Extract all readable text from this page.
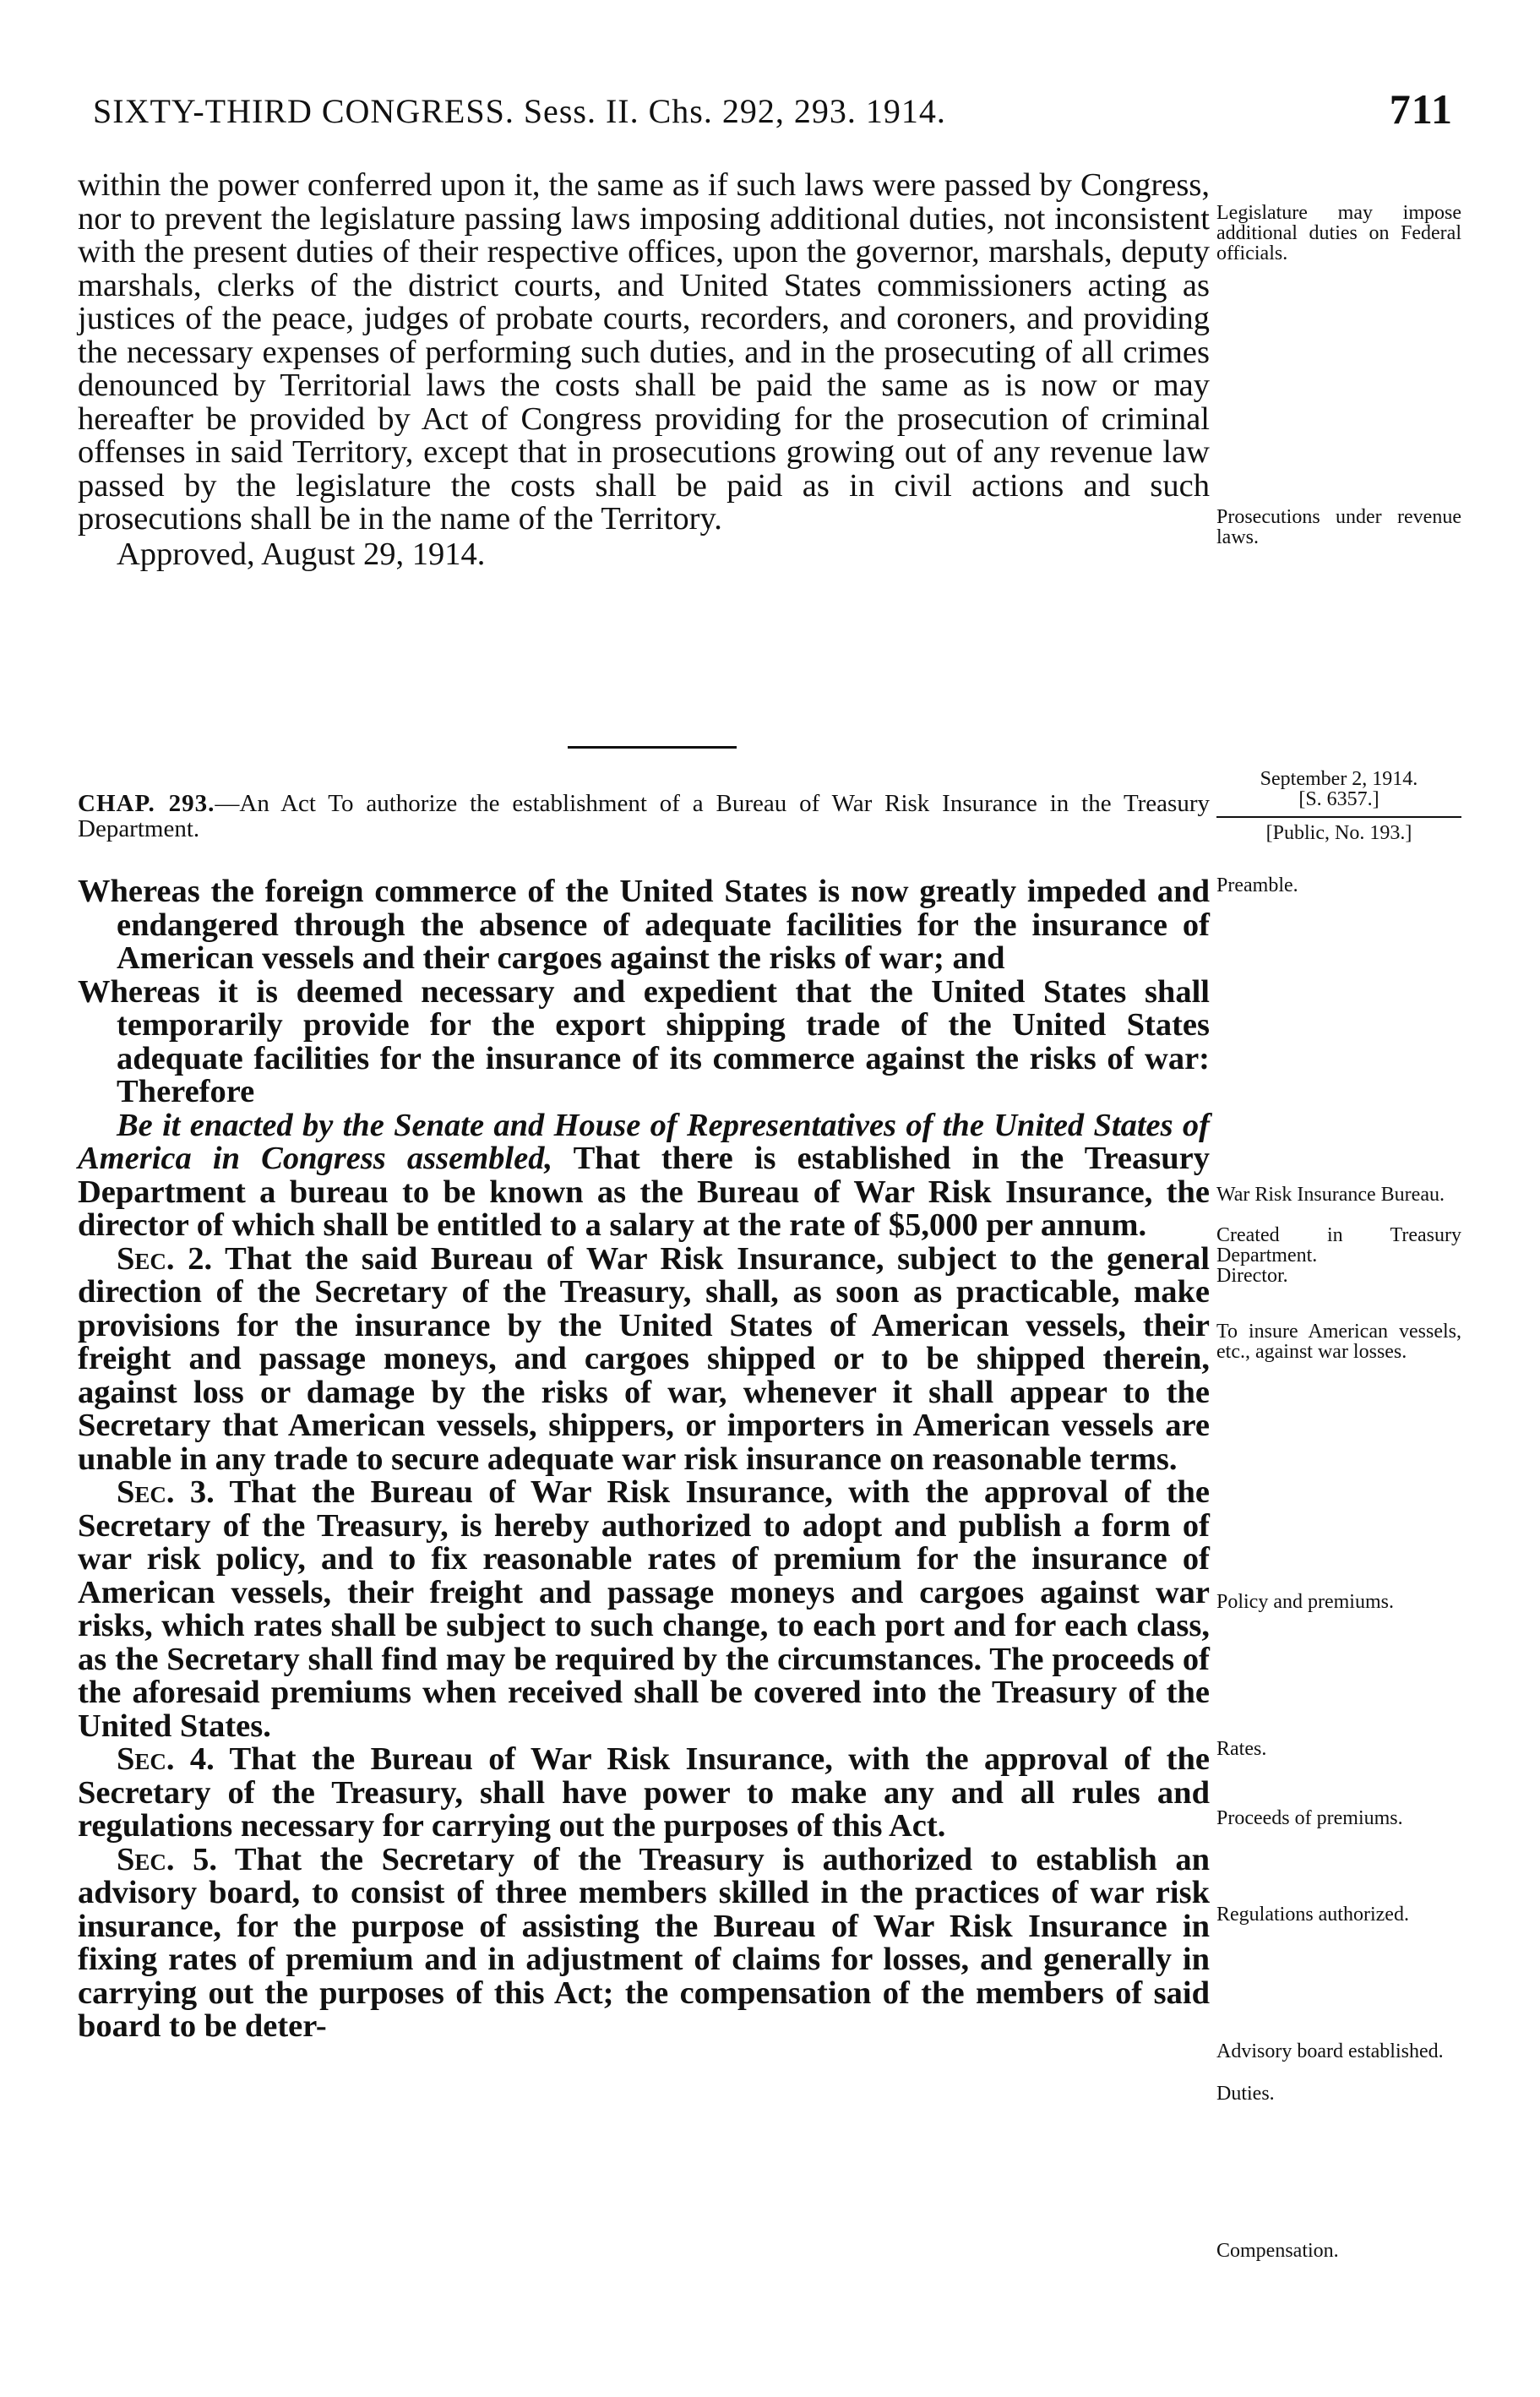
SIXTY-THIRD CONGRESS. Sess. II. Chs. 292, 293. 1914.	711

within the power conferred upon it, the same as if such laws were passed by Congress, nor to prevent the legislature passing laws imposing additional duties, not inconsistent with the present duties of their respective offices, upon the governor, marshals, deputy marshals, clerks of the district courts, and United States commissioners acting as justices of the peace, judges of probate courts, recorders, and coroners, and providing the necessary expenses of performing such duties, and in the prosecuting of all crimes denounced by Territorial laws the costs shall be paid the same as is now or may hereafter be provided by Act of Congress providing for the prosecution of criminal offenses in said Territory, except that in prosecutions growing out of any revenue law passed by the legislature the costs shall be paid as in civil actions and such prosecutions shall be in the name of the Territory.

Approved, August 29, 1914.

CHAP. 293.—An Act To authorize the establishment of a Bureau of War Risk Insurance in the Treasury Department.

Whereas the foreign commerce of the United States is now greatly impeded and endangered through the absence of adequate facilities for the insurance of American vessels and their cargoes against the risks of war; and

Whereas it is deemed necessary and expedient that the United States shall temporarily provide for the export shipping trade of the United States adequate facilities for the insurance of its commerce against the risks of war: Therefore

Be it enacted by the Senate and House of Representatives of the United States of America in Congress assembled, That there is established in the Treasury Department a bureau to be known as the Bureau of War Risk Insurance, the director of which shall be entitled to a salary at the rate of $5,000 per annum.

Sec. 2. That the said Bureau of War Risk Insurance, subject to the general direction of the Secretary of the Treasury, shall, as soon as practicable, make provisions for the insurance by the United States of American vessels, their freight and passage moneys, and cargoes shipped or to be shipped therein, against loss or damage by the risks of war, whenever it shall appear to the Secretary that American vessels, shippers, or importers in American vessels are unable in any trade to secure adequate war risk insurance on reasonable terms.

Sec. 3. That the Bureau of War Risk Insurance, with the approval of the Secretary of the Treasury, is hereby authorized to adopt and publish a form of war risk policy, and to fix reasonable rates of premium for the insurance of American vessels, their freight and passage moneys and cargoes against war risks, which rates shall be subject to such change, to each port and for each class, as the Secretary shall find may be required by the circumstances. The proceeds of the aforesaid premiums when received shall be covered into the Treasury of the United States.

Sec. 4. That the Bureau of War Risk Insurance, with the approval of the Secretary of the Treasury, shall have power to make any and all rules and regulations necessary for carrying out the purposes of this Act.

Sec. 5. That the Secretary of the Treasury is authorized to establish an advisory board, to consist of three members skilled in the practices of war risk insurance, for the purpose of assisting the Bureau of War Risk Insurance in fixing rates of premium and in adjustment of claims for losses, and generally in carrying out the purposes of this Act; the compensation of the members of said board to be deter-

Legislature may impose additional duties on Federal officials.
Prosecutions under revenue laws.
September 2, 1914.
[S. 6357.]
[Public, No. 193.]
Preamble.
War Risk Insurance Bureau.
Created in Treasury Department.
Director.
To insure American vessels, etc., against war losses.
Policy and premiums.
Rates.
Proceeds of premiums.
Regulations authorized.
Advisory board established.
Duties.
Compensation.
